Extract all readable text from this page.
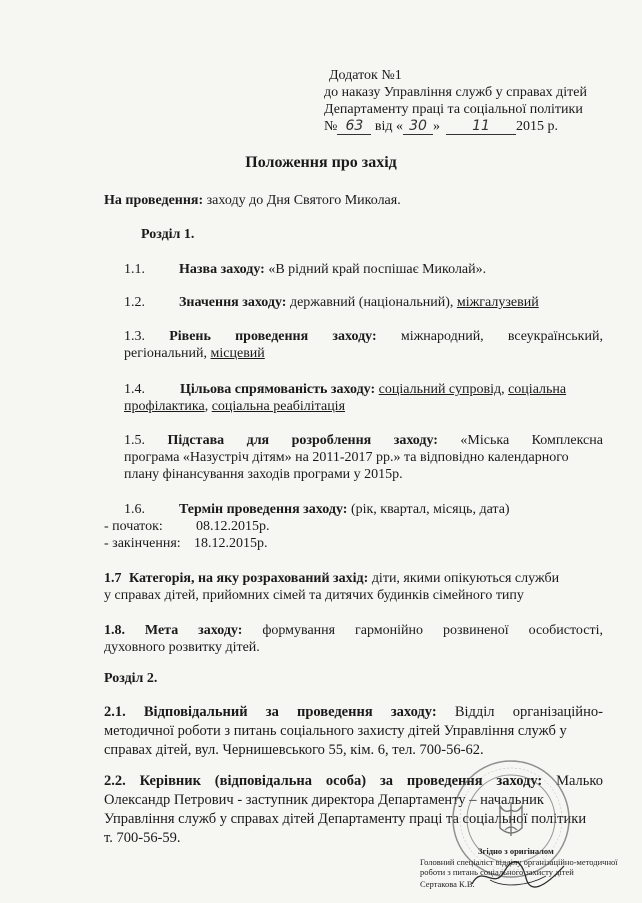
Додаток №1
до наказу Управління служб у справах дітей
Департаменту праці та соціальної політики
№ 63 від « 30 » 11 2015 р.
Положення про захід
На проведення: заходу до Дня Святого Миколая.
Розділ 1.
1.1. Назва заходу: «В рідний край поспішає Миколай».
1.2. Значення заходу: державний (національний), міжгалузевий
1.3. Рівень проведення заходу: міжнародний, всеукраїнський,
регіональний, місцевий
1.4.	Цільова спрямованість заходу: соціальний супровід, соціальна
профілактика, соціальна реабілітація
1.5. Підстава для розроблення заходу: «Міська Комплексна
програма «Назустріч дітям» на 2011-2017 рр.» та відповідно календарного
плану фінансування заходів програми у 2015р.
1.6. Термін проведення заходу: (рік, квартал, місяць, дата)
- початок: 08.12.2015р.
- закінчення: 18.12.2015р.
1.7 Категорія, на яку розрахований захід: діти, якими опікуються служби
у справах дітей, прийомних сімей та дитячих будинків сімейного типу
1.8. Мета заходу: формування гармонійно розвиненої особистості,
духовного розвитку дітей.
Розділ 2.
2.1. Відповідальний за проведення заходу: Відділ організаційно-
методичної роботи з питань соціального захисту дітей Управління служб у
справах дітей, вул. Чернишевського 55, кім. 6, тел. 700-56-62.
2.2. Керівник (відповідальна особа) за проведення заходу: Малько
Олександр Петрович - заступник директора Департаменту – начальник
Управління служб у справах дітей Департаменту праці та соціальної політики
т. 700-56-59.
Згідно з оригіналом
Головний спеціаліст відділу організаційно-методичної
роботи з питань соціального захисту дітей
Сертакова К.В.
